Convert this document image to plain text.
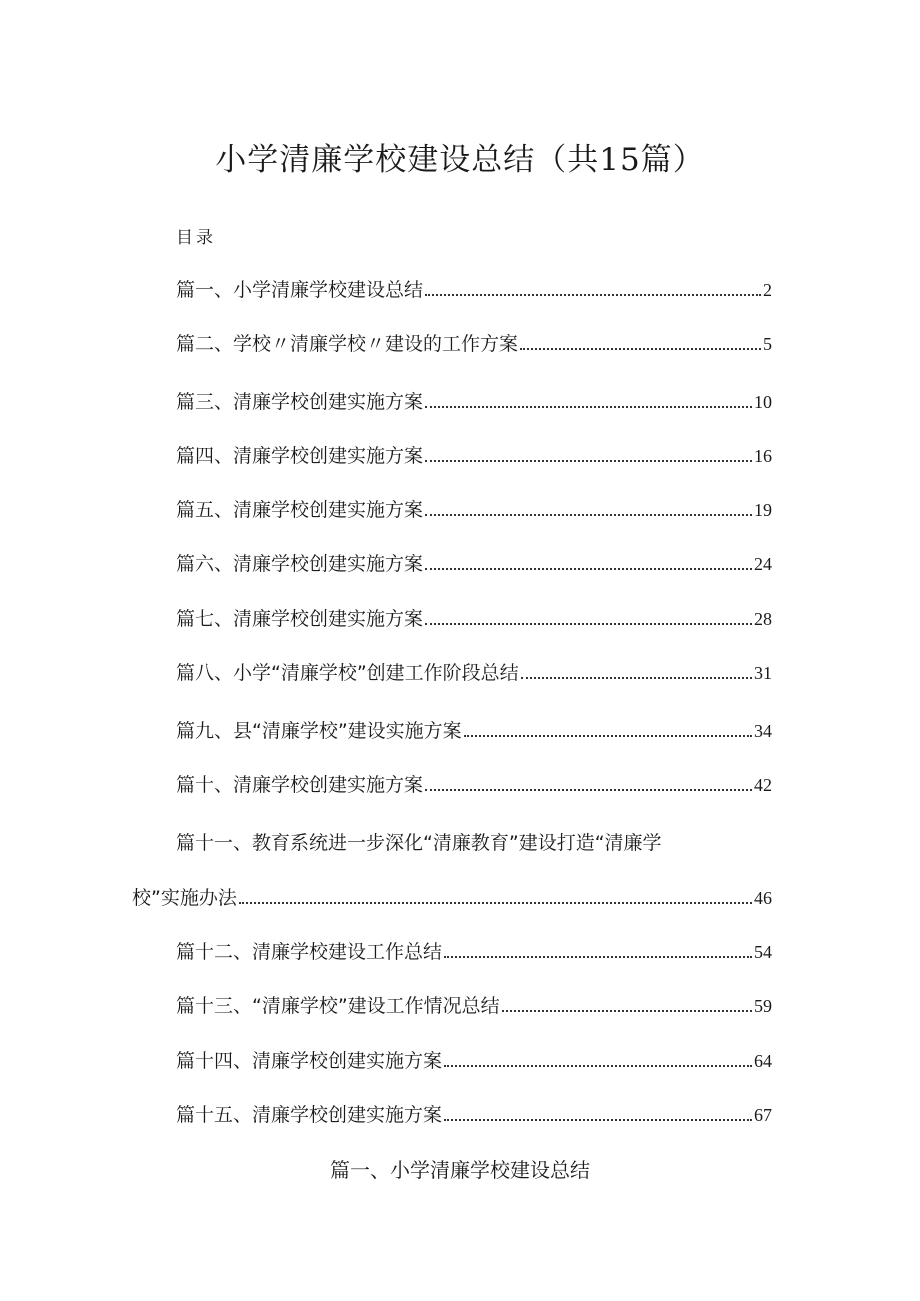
小学清廉学校建设总结（共15篇）
目录
篇一、小学清廉学校建设总结	2
篇二、学校〃清廉学校〃建设的工作方案	5
篇三、清廉学校创建实施方案	10
篇四、清廉学校创建实施方案	16
篇五、清廉学校创建实施方案	19
篇六、清廉学校创建实施方案	24
篇七、清廉学校创建实施方案	28
篇八、小学“清廉学校”创建工作阶段总结	31
篇九、县“清廉学校”建设实施方案	34
篇十、清廉学校创建实施方案	42
篇十一、教育系统进一步深化“清廉教育”建设打造“清廉学
校”实施办法	46
篇十二、清廉学校建设工作总结	54
篇十三、“清廉学校”建设工作情况总结	59
篇十四、清廉学校创建实施方案	64
篇十五、清廉学校创建实施方案	67
篇一、小学清廉学校建设总结
